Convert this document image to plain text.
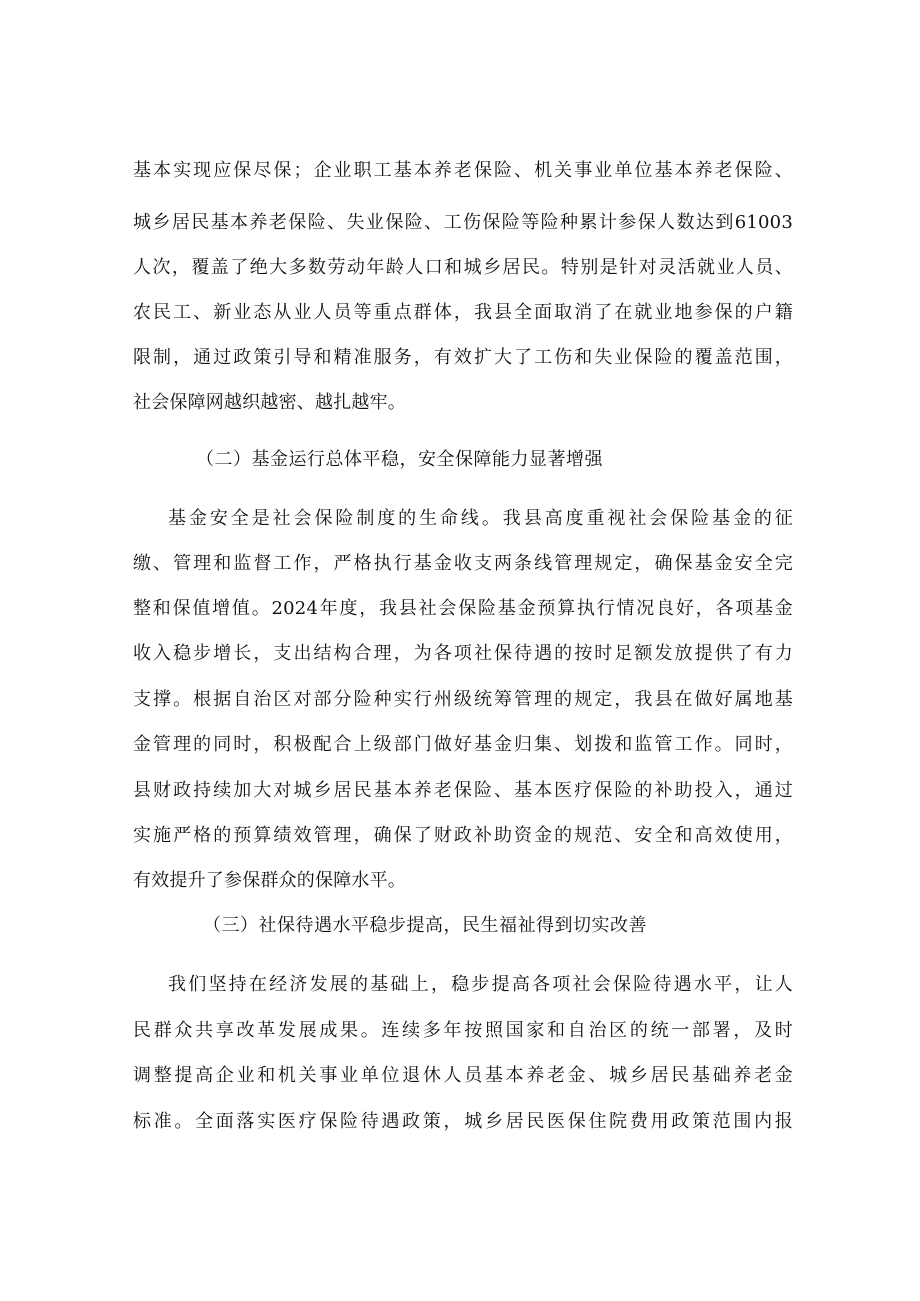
基本实现应保尽保；企业职工基本养老保险、机关事业单位基本养老保险、
城乡居民基本养老保险、失业保险、工伤保险等险种累计参保人数达到61003
人次，覆盖了绝大多数劳动年龄人口和城乡居民。特别是针对灵活就业人员、
农民工、新业态从业人员等重点群体，我县全面取消了在就业地参保的户籍
限制，通过政策引导和精准服务，有效扩大了工伤和失业保险的覆盖范围，
社会保障网越织越密、越扎越牢。
（二）基金运行总体平稳，安全保障能力显著增强
基金安全是社会保险制度的生命线。我县高度重视社会保险基金的征
缴、管理和监督工作，严格执行基金收支两条线管理规定，确保基金安全完
整和保值增值。2024年度，我县社会保险基金预算执行情况良好，各项基金
收入稳步增长，支出结构合理，为各项社保待遇的按时足额发放提供了有力
支撑。根据自治区对部分险种实行州级统筹管理的规定，我县在做好属地基
金管理的同时，积极配合上级部门做好基金归集、划拨和监管工作。同时，
县财政持续加大对城乡居民基本养老保险、基本医疗保险的补助投入，通过
实施严格的预算绩效管理，确保了财政补助资金的规范、安全和高效使用，
有效提升了参保群众的保障水平。
（三）社保待遇水平稳步提高，民生福祉得到切实改善
我们坚持在经济发展的基础上，稳步提高各项社会保险待遇水平，让人
民群众共享改革发展成果。连续多年按照国家和自治区的统一部署，及时
调整提高企业和机关事业单位退休人员基本养老金、城乡居民基础养老金
标准。全面落实医疗保险待遇政策，城乡居民医保住院费用政策范围内报
